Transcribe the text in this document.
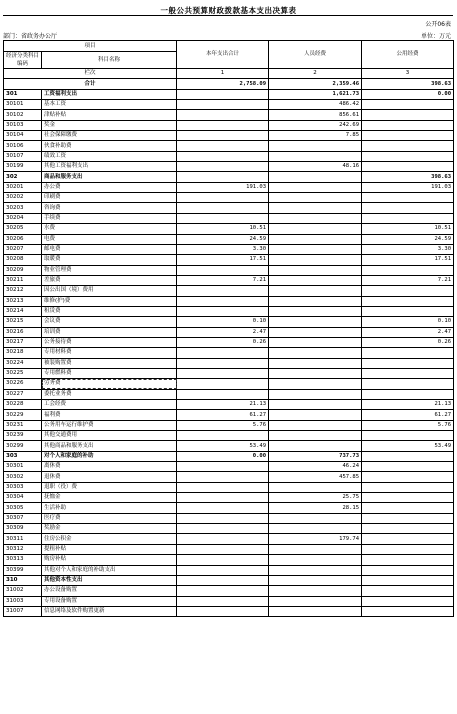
一般公共预算财政拨款基本支出决算表
公开06表
部门：省政务办公厅	单位：万元
项目		本年支出合计	人员经费	公用经费
经济分类科目编码	科目名称			

栏次		1	2	3
合计		2,758.09	2,359.46	398.63
301	工资福利支出		1,621.73	0.00
30101	基本工资		486.42	
30102	津贴补贴		856.61	
30103	奖金		242.69	
30104	社会保障缴费		7.85	
30106	伙食补助费			
30107	绩效工资			
30199	其他工资福利支出		48.16	
302	商品和服务支出			398.63
30201	办公费	191.03		191.03
30202	印刷费			
30203	咨询费			
30204	手续费			
30205	水费	10.51		10.51
30206	电费	24.59		24.59
30207	邮电费	3.30		3.30
30208	取暖费	17.51		17.51
30209	物业管理费			
30211	差旅费	7.21		7.21
30212	因公出国（境）费用			
30213	维修(护)费			
30214	租赁费			
30215	会议费	0.10		0.10
30216	培训费	2.47		2.47
30217	公务接待费	0.26		0.26
30218	专用材料费			
30224	被装购置费			
30225	专用燃料费			
30226	劳务费			
30227	委托业务费			
30228	工会经费	21.13		21.13
30229	福利费	61.27		61.27
30231	公务用车运行维护费	5.76		5.76
30239	其他交通费用			
30299	其他商品和服务支出	53.49		53.49
303	对个人和家庭的补助	0.00	737.73	
30301	离休费		46.24	
30302	退休费		457.85	
30303	退职（役）费			
30304	抚恤金		25.75	
30305	生活补助		28.15	
30307	医疗费			
30309	奖励金			
30311	住房公积金		179.74	
30312	提租补贴			
30313	购房补贴			
30399	其他对个人和家庭的补助支出			
310	其他资本性支出			
31002	办公设备购置			
31003	专用设备购置			
31007	信息网络及软件购置更新			
